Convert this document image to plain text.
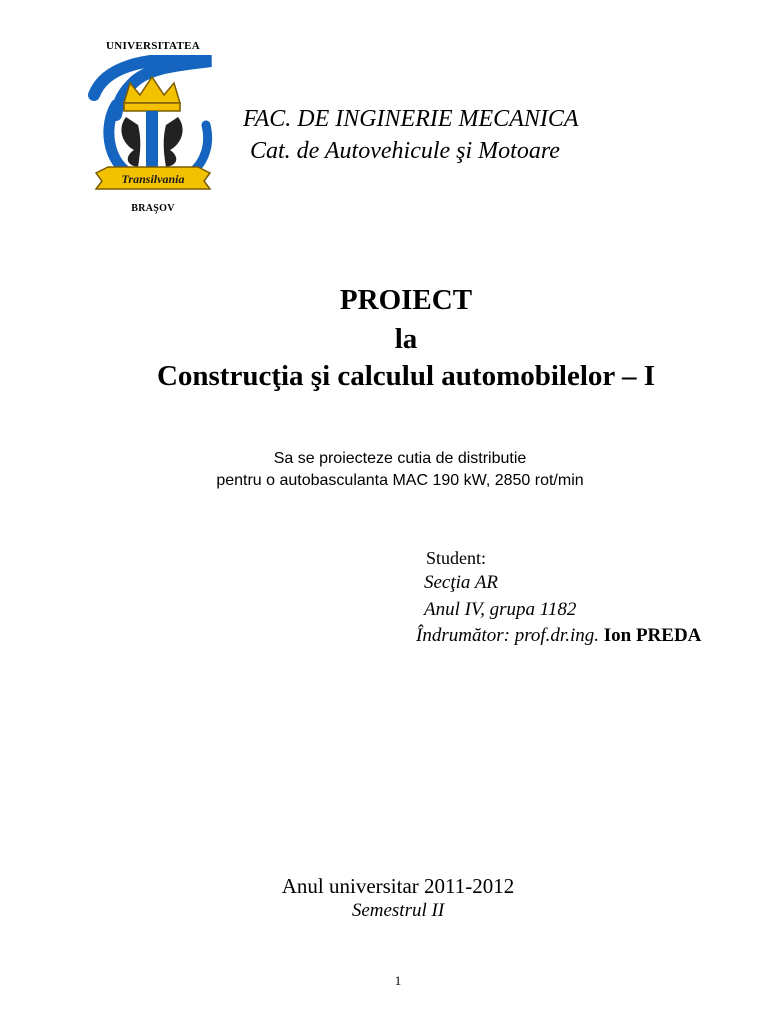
UNIVERSITATEA
Transilvania
BRAŞOV
FAC. DE INGINERIE MECANICA
Cat. de Autovehicule şi Motoare
PROIECT
la
Construcţia şi calculul automobilelor – I
Sa se proiecteze cutia de distributie
pentru o autobasculanta MAC 190 kW, 2850 rot/min
Student:
Secţia AR
Anul IV, grupa 1182
Îndrumător: prof.dr.ing. Ion PREDA
Anul universitar 2011-2012
Semestrul II
1
